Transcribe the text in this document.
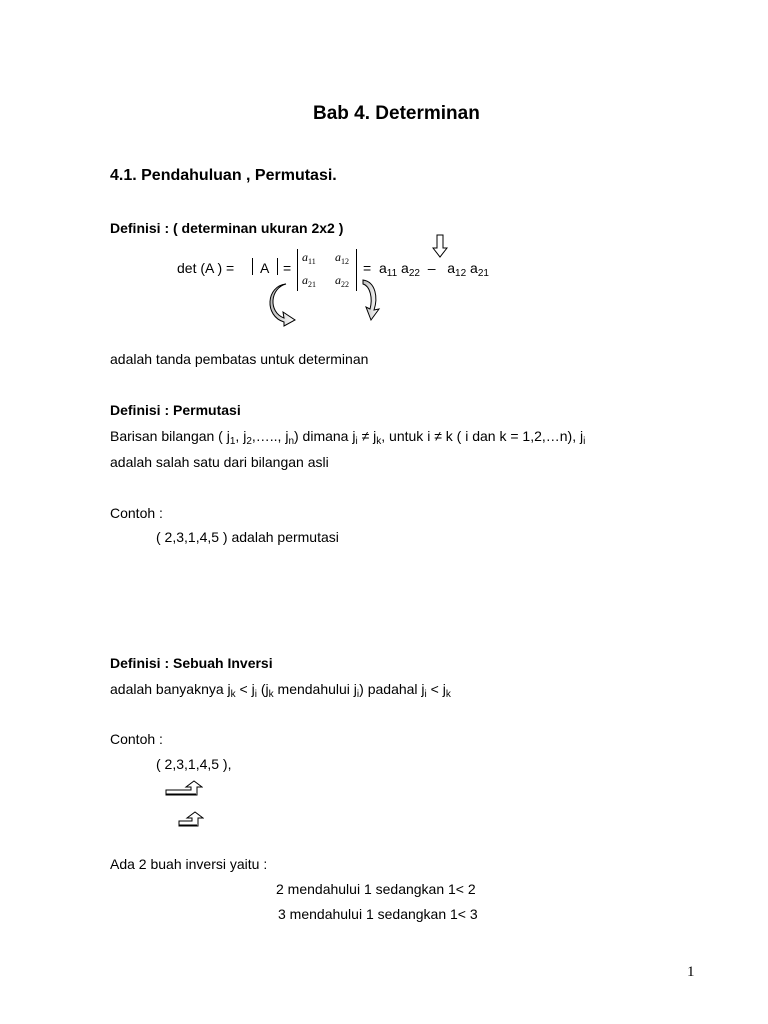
Bab 4. Determinan
4.1. Pendahuluan , Permutasi.
Definisi : ( determinan ukuran 2x2 )
det (A ) = A =
$a_{11}$ $a_{12}$
$a_{21}$ $a_{22}$
= $a_{11}$ $a_{22} - a_{12}$ $a_{21}$
adalah tanda pembatas untuk determinan
Definisi : Permutasi
Barisan bilangan ( $j_1$, $j_2,\dots$.., $j_n$) dimana $j_i \ne j_k$, untuk i ≠ k ( i dan k = 1,2,…n), $j_i$
adalah salah satu dari bilangan asli
Contoh :
( 2,3,1,4,5 ) adalah permutasi
Definisi : Sebuah Inversi
adalah banyaknya $j_k < j_i$ ($j_k$ mendahului $j_i$) padahal $j_i < j_k$
Contoh :
( 2,3,1,4,5 ),
Ada 2 buah inversi yaitu :
2 mendahului 1 sedangkan 1< 2
3 mendahului 1 sedangkan 1< 3
1
